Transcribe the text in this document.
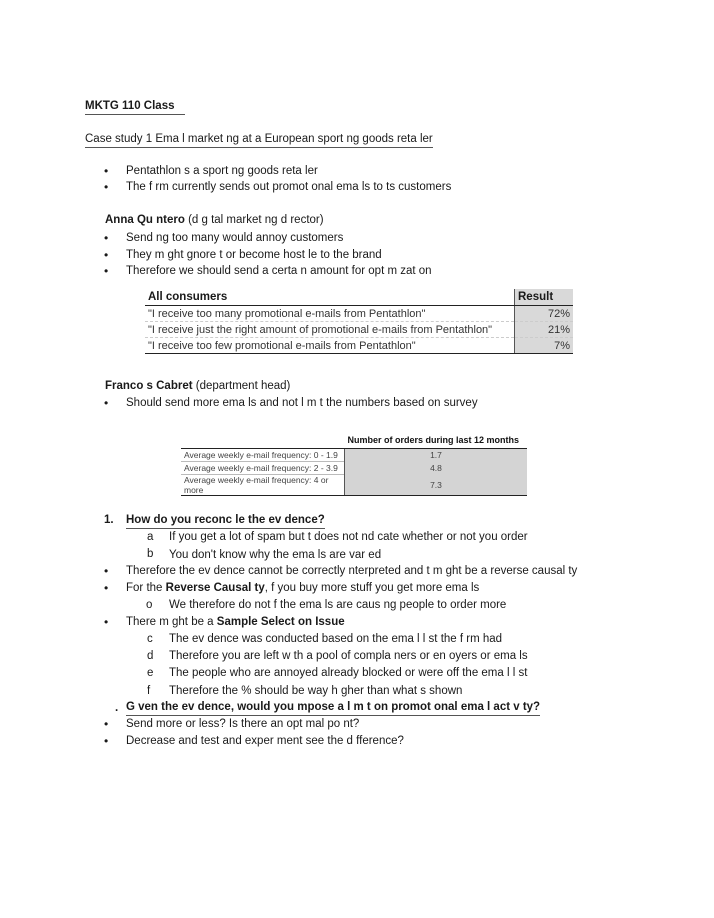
MKTG 110 Class
Case study 1 Ema l market ng at a European sport ng goods reta ler
• Pentathlon s a sport ng goods reta ler
• The f rm currently sends out promot onal ema ls to ts customers
Anna Qu ntero (d g tal market ng d rector)
• Send ng too many would annoy customers
• They m ght gnore t or become host le to the brand
• Therefore we should send a certa n amount for opt m zat on
All consumers	Result
"I receive too many promotional e-mails from Pentathlon"	72%
"I receive just the right amount of promotional e-mails from Pentathlon"	21%
"I receive too few promotional e-mails from Pentathlon"	7%
Franco s Cabret (department head)
• Should send more ema ls and not l m t the numbers based on survey
	Number of orders during last 12 months
Average weekly e-mail frequency: 0 - 1.9	1.7
Average weekly e-mail frequency: 2 - 3.9	4.8
Average weekly e-mail frequency: 4 or more	7.3
1. How do you reconc le the ev dence?
a If you get a lot of spam but t does not nd cate whether or not you order
b You don't know why the ema ls are var ed
• Therefore the ev dence cannot be correctly nterpreted and t m ght be a reverse causal ty
• For the Reverse Causal ty, f you buy more stuff you get more ema ls
o We therefore do not f the ema ls are caus ng people to order more
• There m ght be a Sample Select on Issue
c The ev dence was conducted based on the ema l l st the f rm had
d Therefore you are left w th a pool of compla ners or en oyers or ema ls
e The people who are annoyed already blocked or were off the ema l l st
f Therefore the % should be way h gher than what s shown
. G ven the ev dence, would you mpose a l m t on promot onal ema l act v ty?
• Send more or less? Is there an opt mal po nt?
• Decrease and test and exper ment see the d fference?
